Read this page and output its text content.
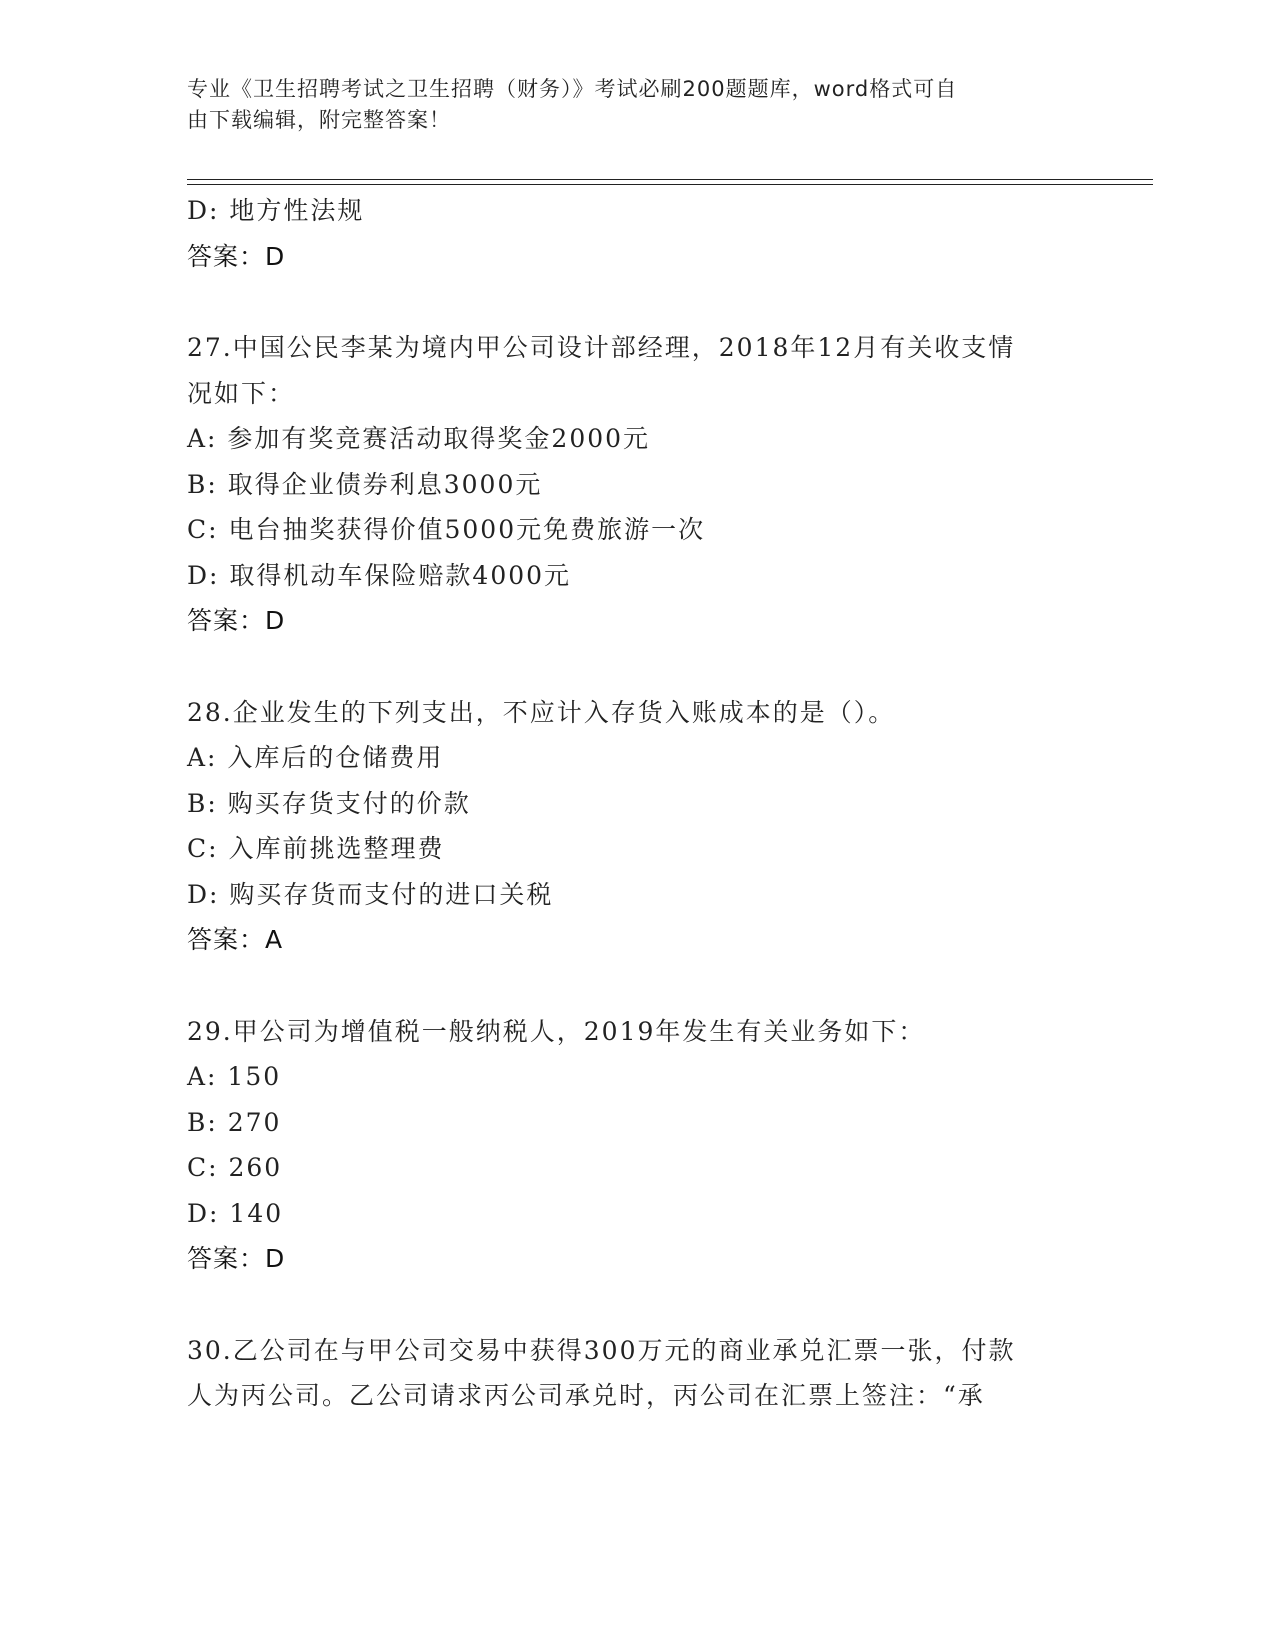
专业《卫生招聘考试之卫生招聘（财务）》考试必刷200题题库，word格式可自
由下载编辑，附完整答案！
D: 地方性法规
答案：D
27.中国公民李某为境内甲公司设计部经理，2018年12月有关收支情
况如下：
A: 参加有奖竞赛活动取得奖金2000元
B: 取得企业债券利息3000元
C: 电台抽奖获得价值5000元免费旅游一次
D: 取得机动车保险赔款4000元
答案：D
28.企业发生的下列支出，不应计入存货入账成本的是（）。
A: 入库后的仓储费用
B: 购买存货支付的价款
C: 入库前挑选整理费
D: 购买存货而支付的进口关税
答案：A
29.甲公司为增值税一般纳税人，2019年发生有关业务如下：
A: 150
B: 270
C: 260
D: 140
答案：D
30.乙公司在与甲公司交易中获得300万元的商业承兑汇票一张，付款
人为丙公司。乙公司请求丙公司承兑时，丙公司在汇票上签注：“承
